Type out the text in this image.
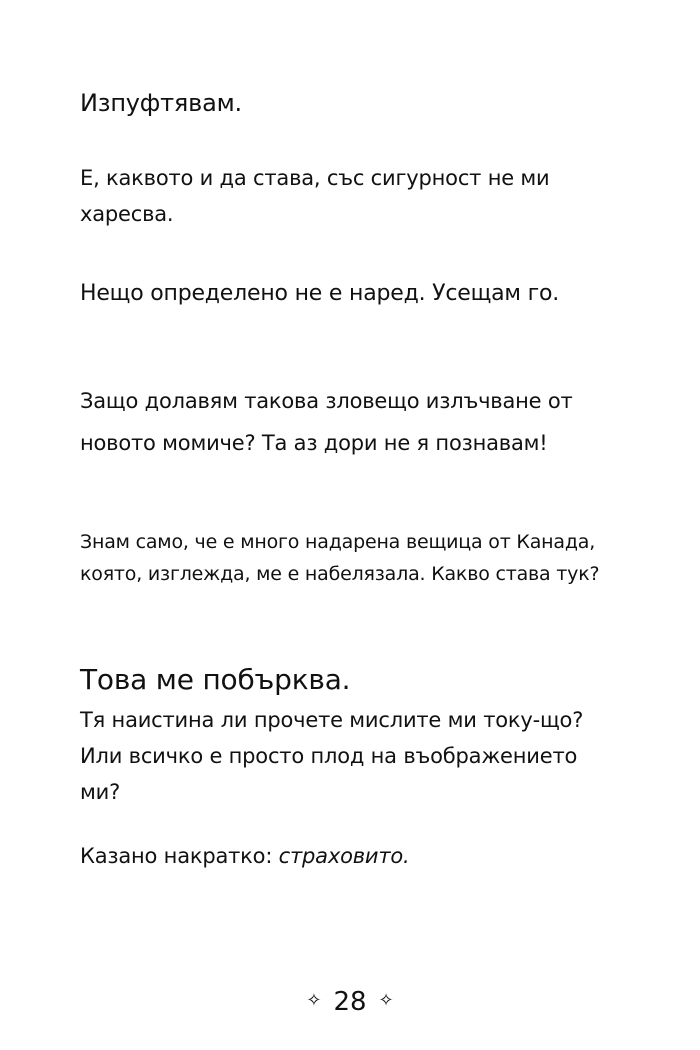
Изпуфтявам.

Е, каквото и да става, със сигурност не ми харесва.

Нещо определено не е наред. Усещам го.

Защо долавям такова зловещо излъчване от новото момиче? Та аз дори не я познавам!

Знам само, че е много надарена вещица от Канада, която, изглежда, ме е набелязала. Какво става тук?

Това ме побърква.

Тя наистина ли прочете мислите ми току-що? Или всичко е просто плод на въображението ми?

Казано накратко: страховито.

✧ 28 ✧
